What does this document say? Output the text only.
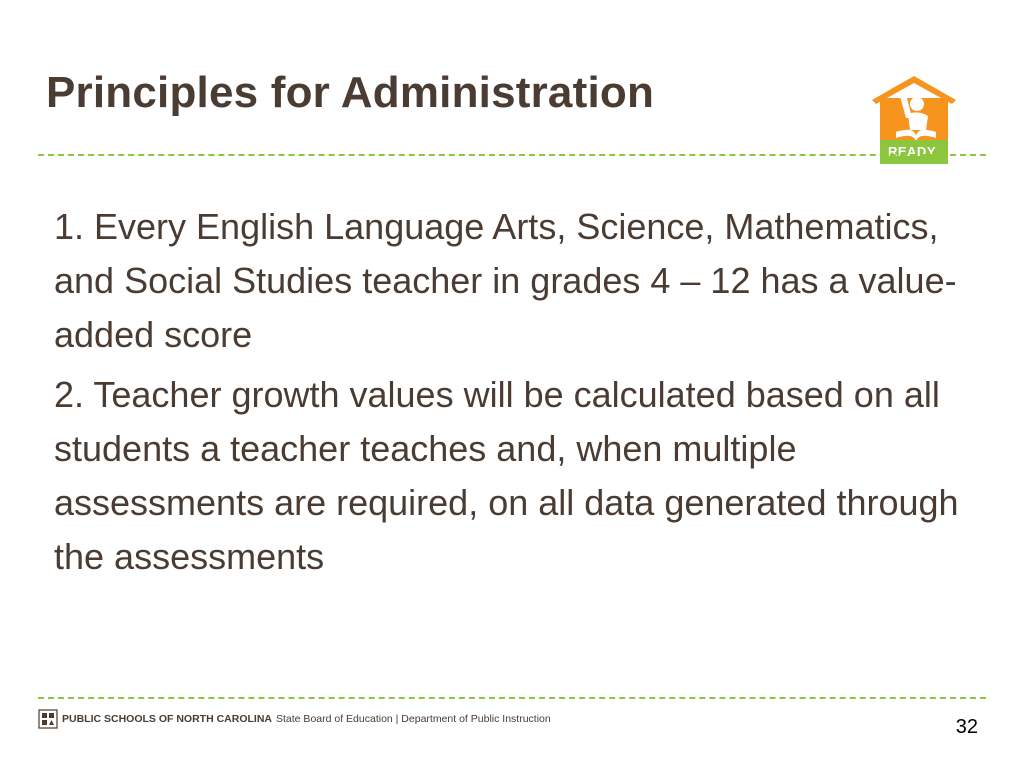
Principles for Administration
READY

1. Every English Language Arts, Science, Mathematics, and Social Studies teacher in grades 4 – 12 has a value-added score

2. Teacher growth values will be calculated based on all students a teacher teaches and, when multiple assessments are required, on all data generated through the assessments

PUBLIC SCHOOLS OF NORTH CAROLINA State Board of Education | Department of Public Instruction	32
